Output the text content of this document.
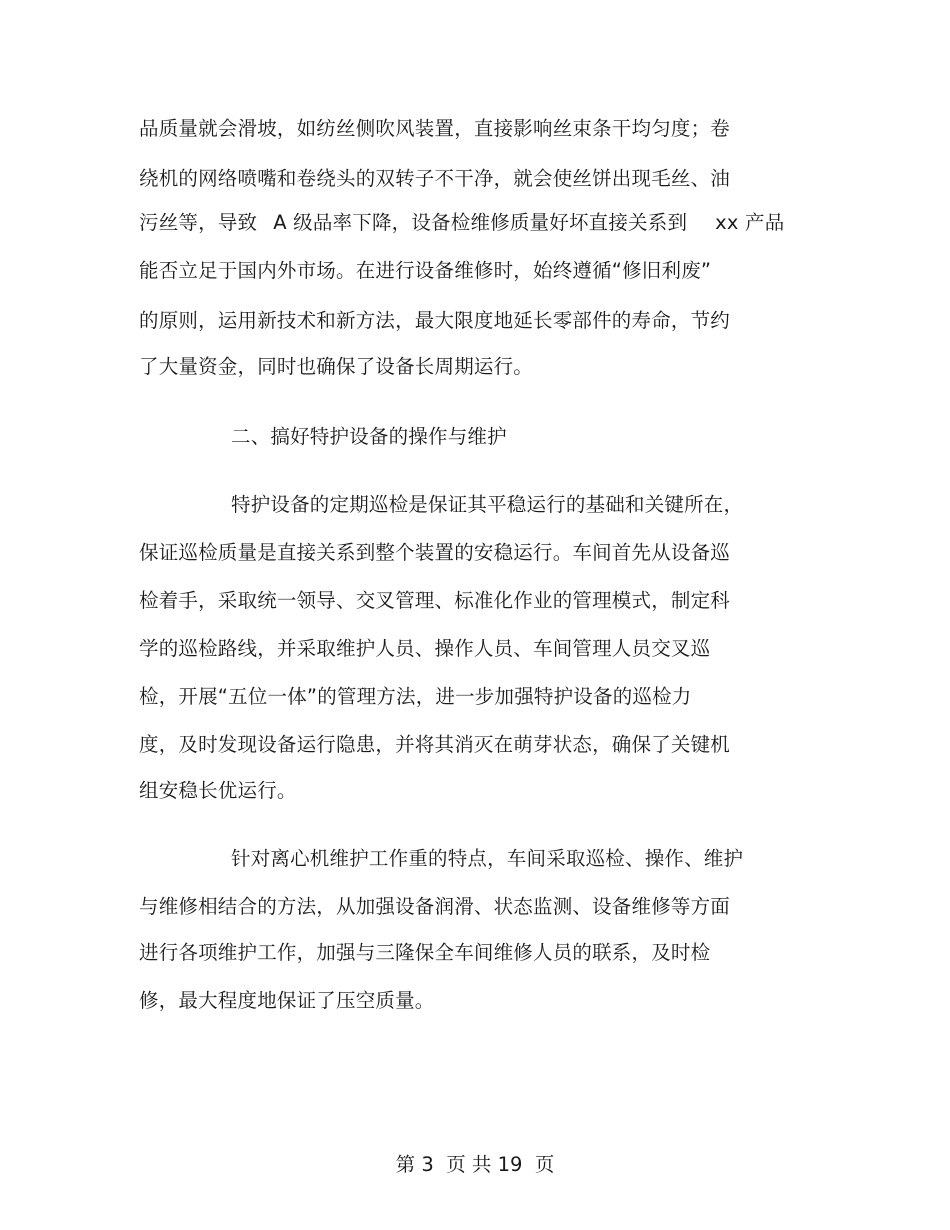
品质量就会滑坡，如纺丝侧吹风装置，直接影响丝束条干均匀度；卷
绕机的网络喷嘴和卷绕头的双转子不干净，就会使丝饼出现毛丝、油
污丝等，导致 A 级品率下降，设备检维修质量好坏直接关系到 xx 产品
能否立足于国内外市场。在进行设备维修时，始终遵循“修旧利废”
的原则，运用新技术和新方法，最大限度地延长零部件的寿命，节约
了大量资金，同时也确保了设备长周期运行。
二、搞好特护设备的操作与维护
特护设备的定期巡检是保证其平稳运行的基础和关键所在，
保证巡检质量是直接关系到整个装置的安稳运行。车间首先从设备巡
检着手，采取统一领导、交叉管理、标准化作业的管理模式，制定科
学的巡检路线，并采取维护人员、操作人员、车间管理人员交叉巡
检，开展“五位一体”的管理方法，进一步加强特护设备的巡检力
度，及时发现设备运行隐患，并将其消灭在萌芽状态，确保了关键机
组安稳长优运行。
针对离心机维护工作重的特点，车间采取巡检、操作、维护
与维修相结合的方法，从加强设备润滑、状态监测、设备维修等方面
进行各项维护工作，加强与三隆保全车间维修人员的联系，及时检
修，最大程度地保证了压空质量。
第 3 页 共 19 页
